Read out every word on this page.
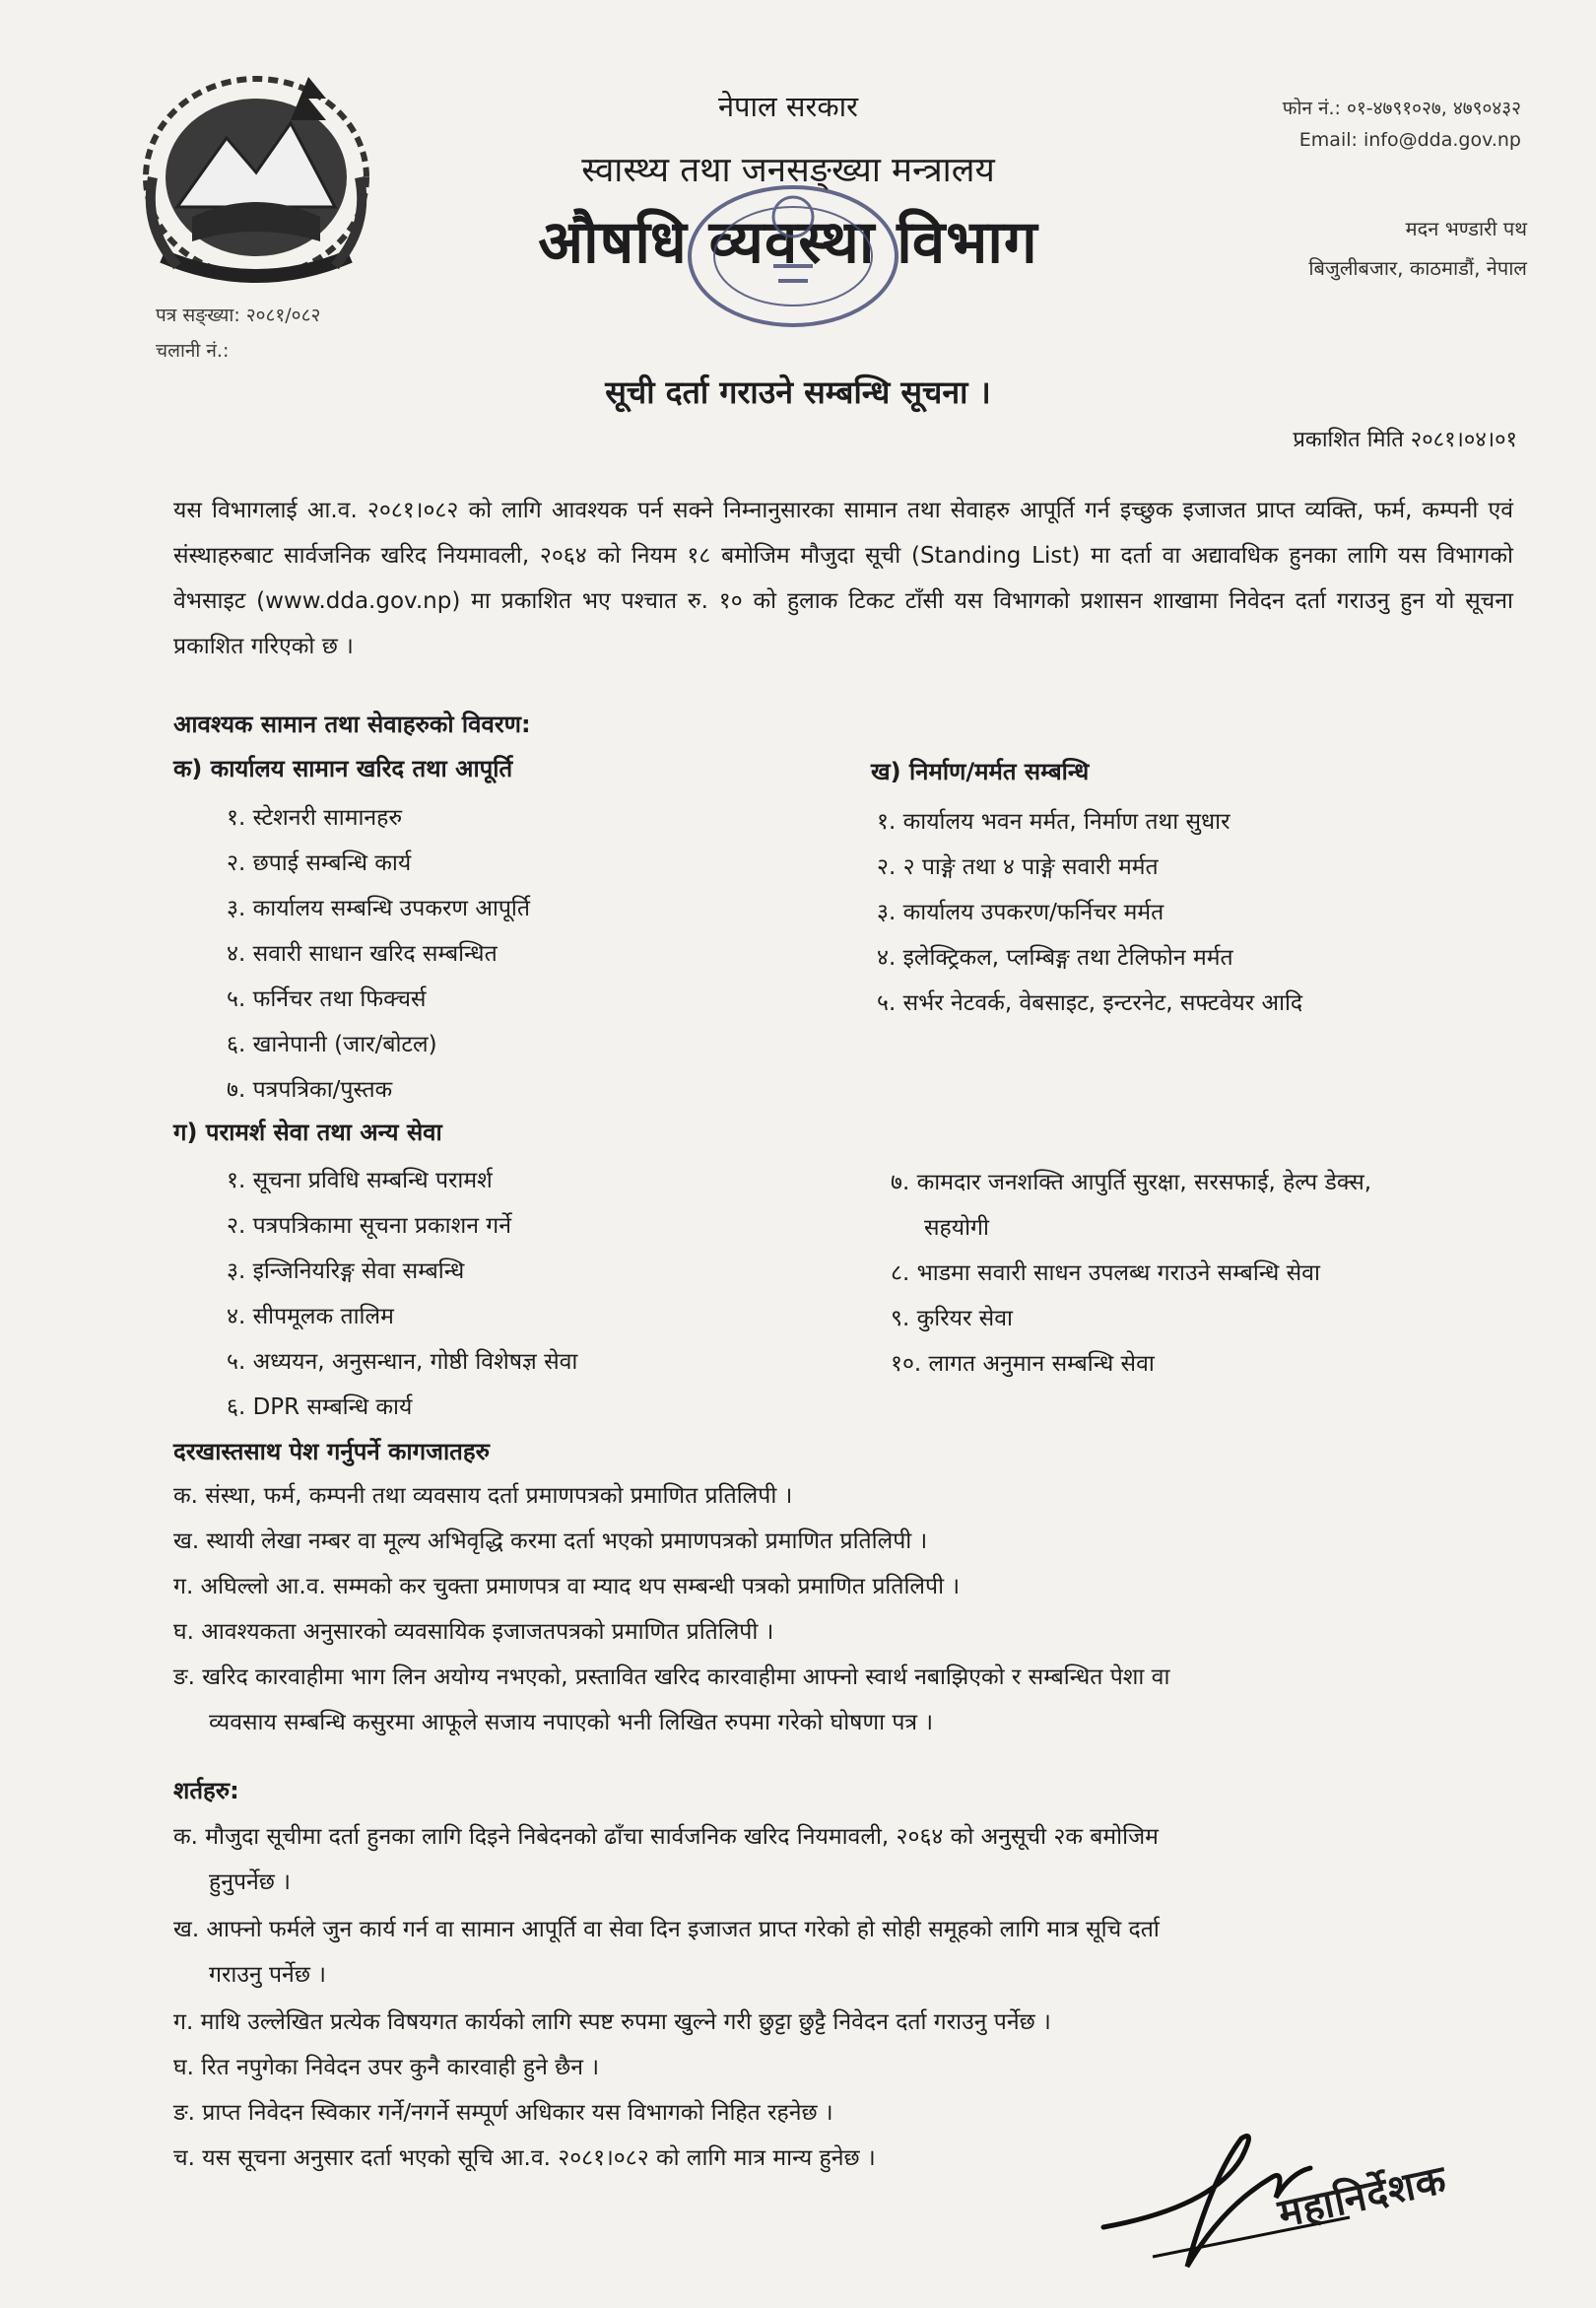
पत्र सङ्ख्या: २०८१/०८२
चलानी नं.:
नेपाल सरकार
स्वास्थ्य तथा जनसङ्ख्या मन्त्रालय
औषधि व्यवस्था विभाग
फोन नं.: ०१-४७९१०२७, ४७९०४३२
Email: info@dda.gov.np
मदन भण्डारी पथ
बिजुलीबजार, काठमाडौं, नेपाल
सूची दर्ता गराउने सम्बन्धि सूचना ।
प्रकाशित मिति २०८१।०४।०१
यस विभागलाई आ.व. २०८१।०८२ को लागि आवश्यक पर्न सक्ने निम्नानुसारका सामान तथा सेवाहरु आपूर्ति गर्न इच्छुक इजाजत प्राप्त व्यक्ति, फर्म, कम्पनी एवं संस्थाहरुबाट सार्वजनिक खरिद नियमावली, २०६४ को नियम १८ बमोजिम मौजुदा सूची (Standing List) मा दर्ता वा अद्यावधिक हुनका लागि यस विभागको वेभसाइट (www.dda.gov.np) मा प्रकाशित भए पश्चात रु. १० को हुलाक टिकट टाँसी यस विभागको प्रशासन शाखामा निवेदन दर्ता गराउनु हुन यो सूचना प्रकाशित गरिएको छ ।
आवश्यक सामान तथा सेवाहरुको विवरण:
क) कार्यालय सामान खरिद तथा आपूर्ति
१. स्टेशनरी सामानहरु
२. छपाई सम्बन्धि कार्य
३. कार्यालय सम्बन्धि उपकरण आपूर्ति
४. सवारी साधान खरिद सम्बन्धित
५. फर्निचर तथा फिक्चर्स
६. खानेपानी (जार/बोटल)
७. पत्रपत्रिका/पुस्तक
ख) निर्माण/मर्मत सम्बन्धि
१. कार्यालय भवन मर्मत, निर्माण तथा सुधार
२. २ पाङ्गे तथा ४ पाङ्गे सवारी मर्मत
३. कार्यालय उपकरण/फर्निचर मर्मत
४. इलेक्ट्रिकल, प्लम्बिङ्ग तथा टेलिफोन मर्मत
५. सर्भर नेटवर्क, वेबसाइट, इन्टरनेट, सफ्टवेयर आदि
ग) परामर्श सेवा तथा अन्य सेवा
१. सूचना प्रविधि सम्बन्धि परामर्श
२. पत्रपत्रिकामा सूचना प्रकाशन गर्ने
३. इन्जिनियरिङ्ग सेवा सम्बन्धि
४. सीपमूलक तालिम
५. अध्ययन, अनुसन्धान, गोष्ठी विशेषज्ञ सेवा
६. DPR सम्बन्धि कार्य
७. कामदार जनशक्ति आपुर्ति सुरक्षा, सरसफाई, हेल्प डेक्स,
सहयोगी
८. भाडमा सवारी साधन उपलब्ध गराउने सम्बन्धि सेवा
९. कुरियर सेवा
१०. लागत अनुमान सम्बन्धि सेवा
दरखास्तसाथ पेश गर्नुपर्ने कागजातहरु
क. संस्था, फर्म, कम्पनी तथा व्यवसाय दर्ता प्रमाणपत्रको प्रमाणित प्रतिलिपी ।
ख. स्थायी लेखा नम्बर वा मूल्य अभिवृद्धि करमा दर्ता भएको प्रमाणपत्रको प्रमाणित प्रतिलिपी ।
ग. अघिल्लो आ.व. सम्मको कर चुक्ता प्रमाणपत्र वा म्याद थप सम्बन्धी पत्रको प्रमाणित प्रतिलिपी ।
घ. आवश्यकता अनुसारको व्यवसायिक इजाजतपत्रको प्रमाणित प्रतिलिपी ।
ङ. खरिद कारवाहीमा भाग लिन अयोग्य नभएको, प्रस्तावित खरिद कारवाहीमा आफ्नो स्वार्थ नबाझिएको र सम्बन्धित पेशा वा
व्यवसाय सम्बन्धि कसुरमा आफूले सजाय नपाएको भनी लिखित रुपमा गरेको घोषणा पत्र ।
शर्तहरु:
क. मौजुदा सूचीमा दर्ता हुनका लागि दिइने निबेदनको ढाँचा सार्वजनिक खरिद नियमावली, २०६४ को अनुसूची २क बमोजिम
हुनुपर्नेछ ।
ख. आफ्नो फर्मले जुन कार्य गर्न वा सामान आपूर्ति वा सेवा दिन इजाजत प्राप्त गरेको हो सोही समूहको लागि मात्र सूचि दर्ता
गराउनु पर्नेछ ।
ग. माथि उल्लेखित प्रत्येक विषयगत कार्यको लागि स्पष्ट रुपमा खुल्ने गरी छुट्टा छुट्टै निवेदन दर्ता गराउनु पर्नेछ ।
घ. रित नपुगेका निवेदन उपर कुनै कारवाही हुने छैन ।
ङ. प्राप्त निवेदन स्विकार गर्ने/नगर्ने सम्पूर्ण अधिकार यस विभागको निहित रहनेछ ।
च. यस सूचना अनुसार दर्ता भएको सूचि आ.व. २०८१।०८२ को लागि मात्र मान्य हुनेछ ।	महानिर्देशक
